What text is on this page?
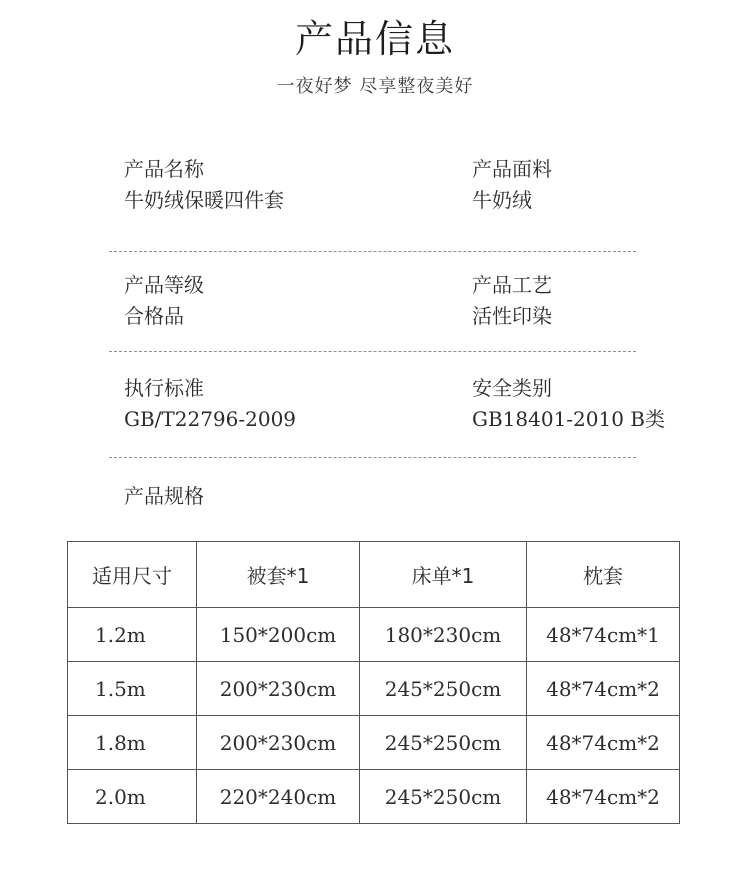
产品信息
一夜好梦 尽享整夜美好
产品名称
牛奶绒保暖四件套
产品面料
牛奶绒
产品等级
合格品
产品工艺
活性印染
执行标准
GB/T22796-2009
安全类别
GB18401-2010 B类
产品规格
适用尺寸	被套*1	床单*1	枕套
1.2m	150*200cm	180*230cm	48*74cm*1
1.5m	200*230cm	245*250cm	48*74cm*2
1.8m	200*230cm	245*250cm	48*74cm*2
2.0m	220*240cm	245*250cm	48*74cm*2
